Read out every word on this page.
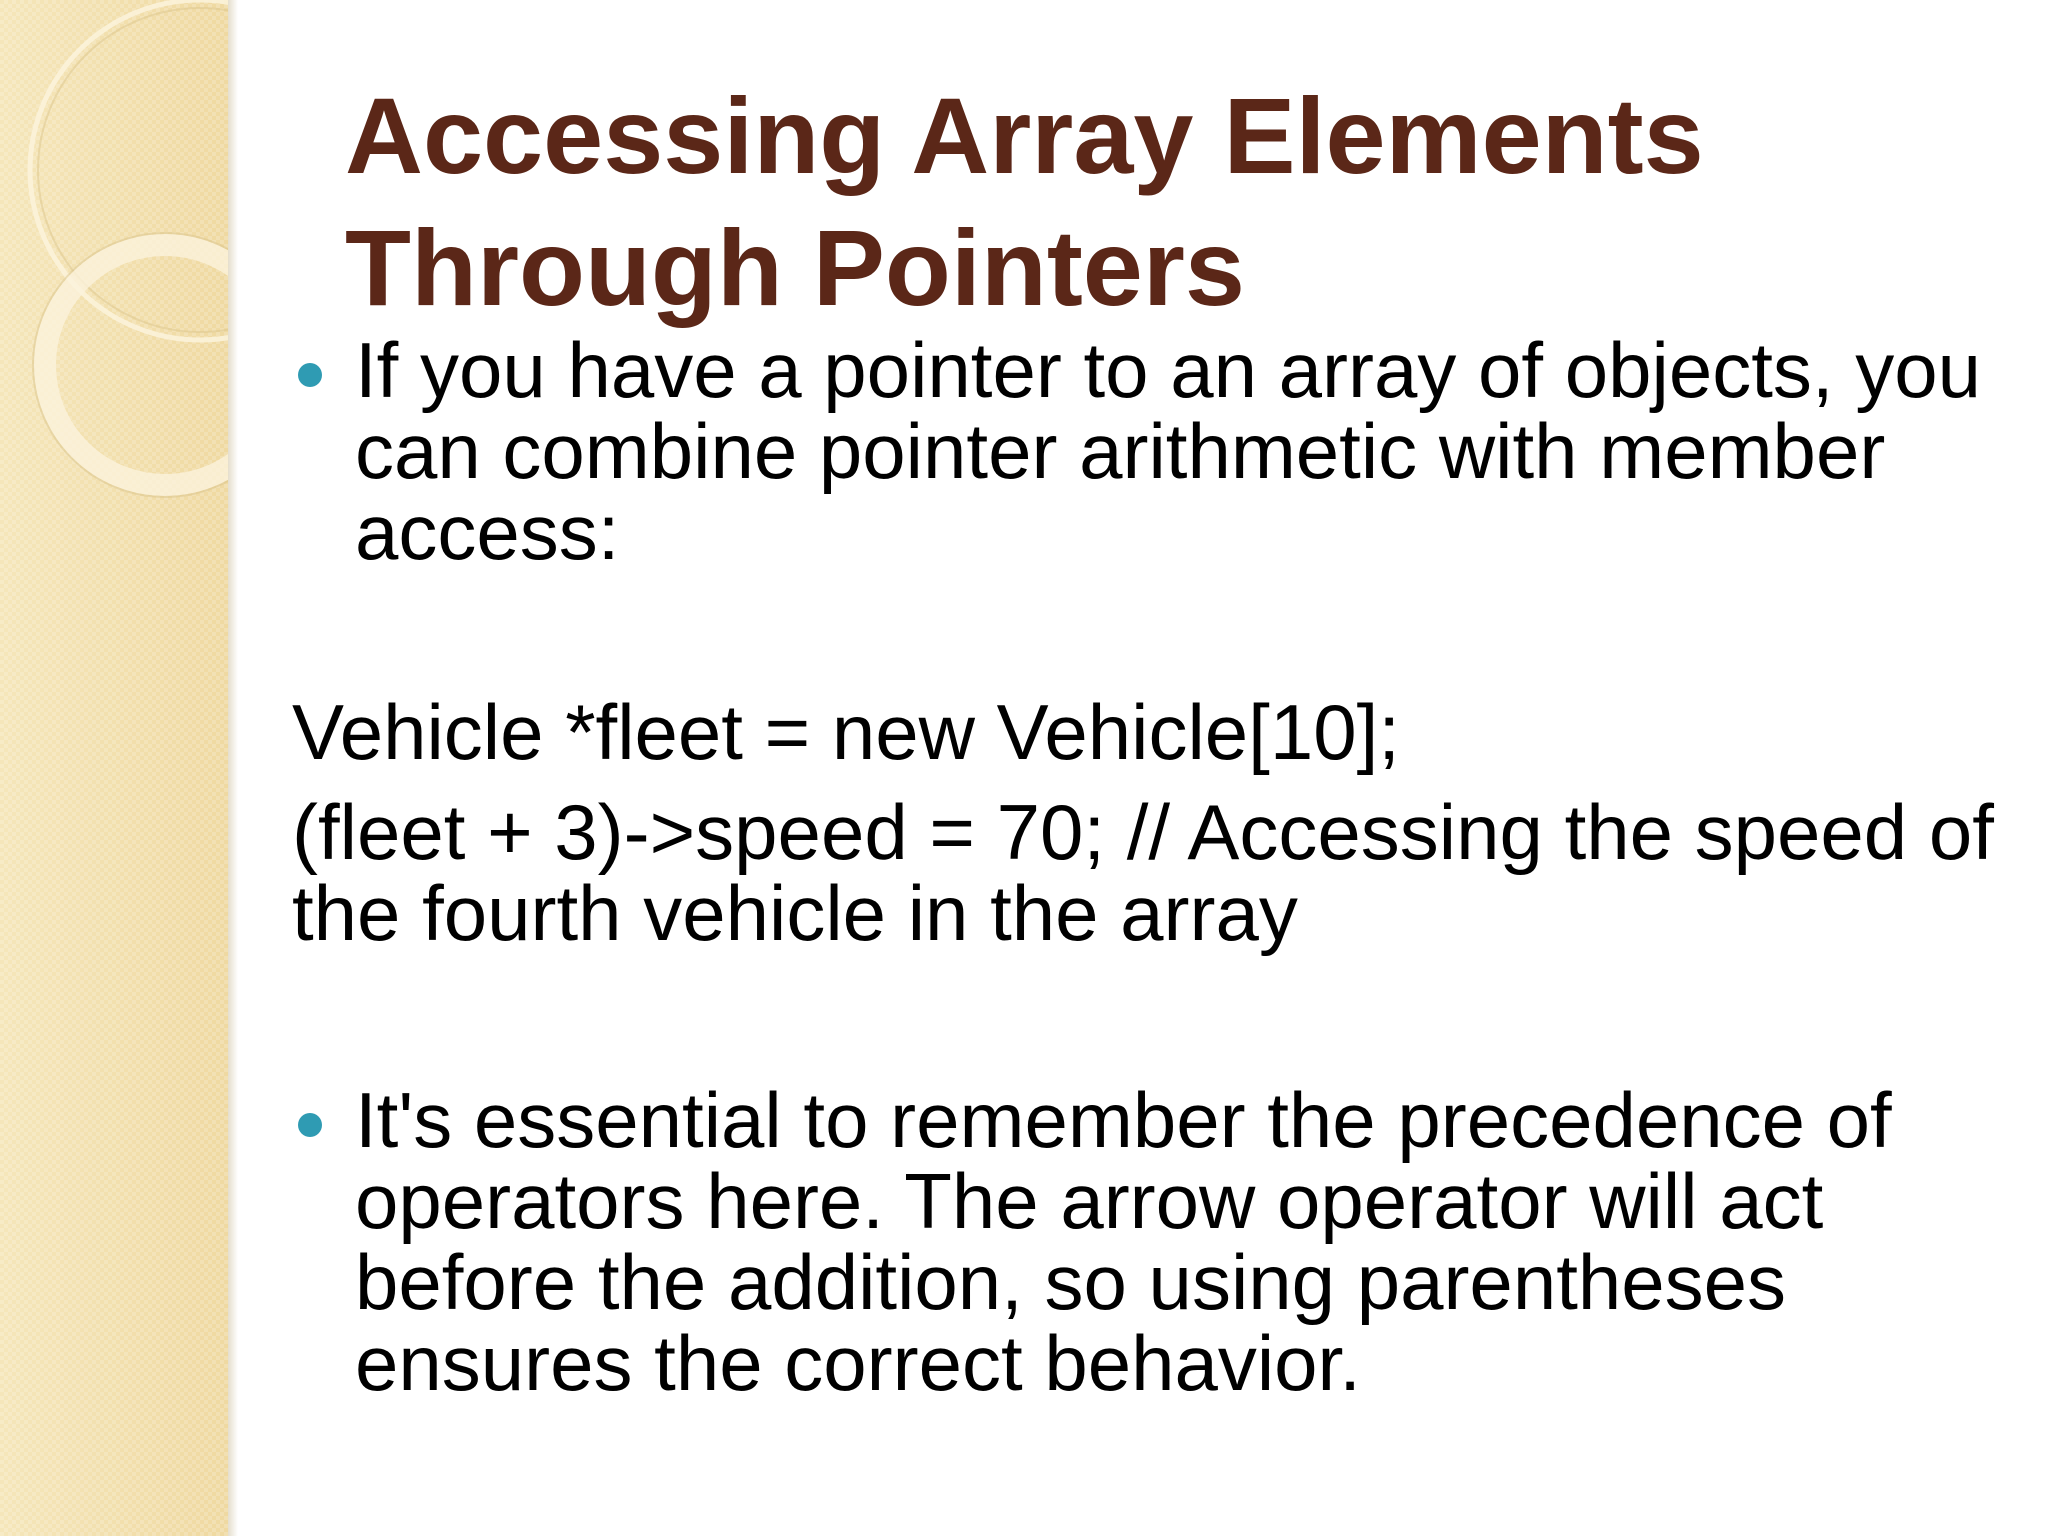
Accessing Array Elements
Through Pointers
If you have a pointer to an array of objects, you can combine pointer arithmetic with member access:
Vehicle *fleet = new Vehicle[10];
(fleet + 3)->speed = 70; // Accessing the speed of the fourth vehicle in the array
It's essential to remember the precedence of operators here. The arrow operator will act before the addition, so using parentheses ensures the correct behavior.
